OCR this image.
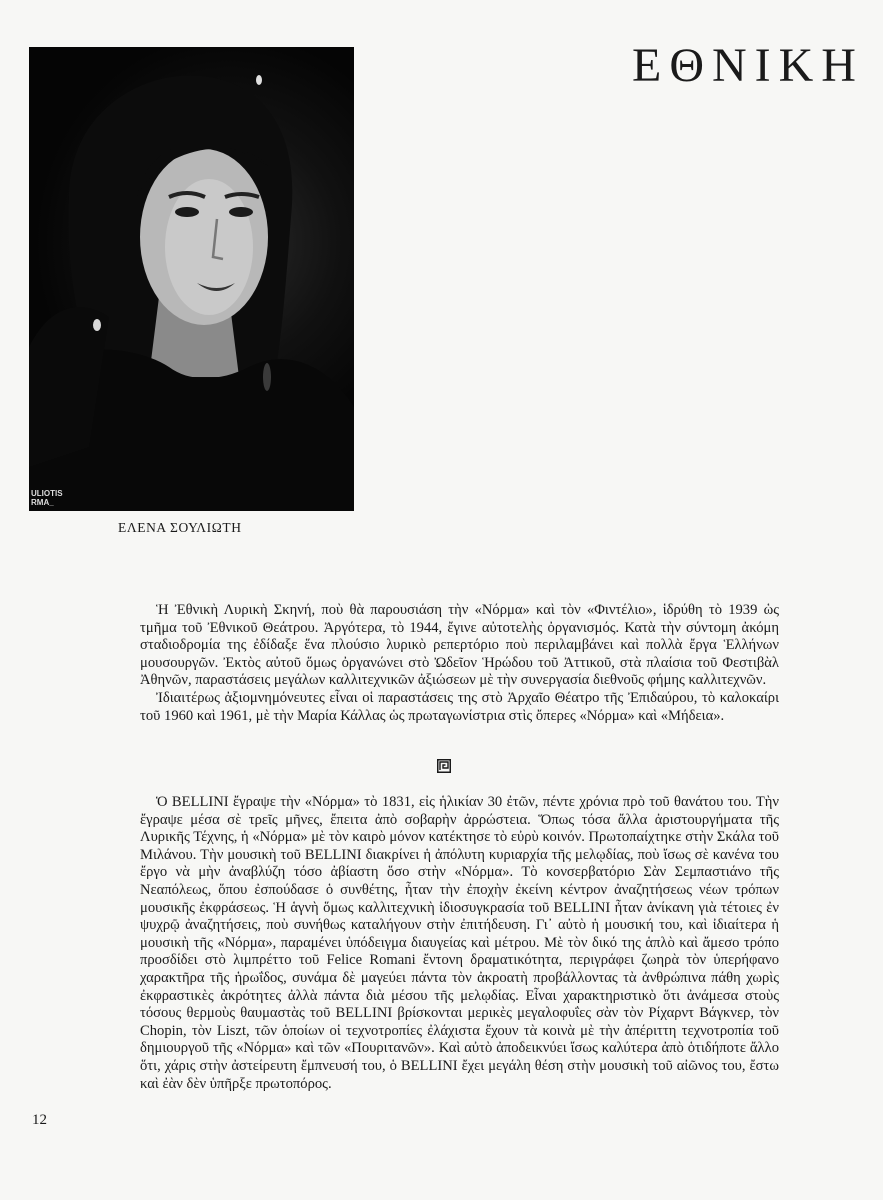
ULIOTIS
RMA_
ΕΛΕΝΑ ΣΟΥΛΙΩΤΗ
ΕΘΝΙΚΗ

Ἡ Ἐθνικὴ Λυρικὴ Σκηνή, ποὺ θὰ παρουσιάση τὴν «Νόρμα» καὶ τὸν «Φιντέλιο», ἱδρύθη τὸ 1939 ὡς τμῆμα τοῦ Ἐθνικοῦ Θεάτρου. Ἀργότερα, τὸ 1944, ἔγινε αὐτοτελὴς ὀργανισμός. Κατὰ τὴν σύντομη ἀκόμη σταδιοδρομία της ἐδίδαξε ἕνα πλούσιο λυρικὸ ρεπερτόριο ποὺ περιλαμβάνει καὶ πολλὰ ἔργα Ἑλλήνων μουσουργῶν. Ἐκτὸς αὐτοῦ ὅμως ὀργανώνει στὸ Ὠδεῖον Ἡρώδου τοῦ Ἀττικοῦ, στὰ πλαίσια τοῦ Φεστιβὰλ Ἀθηνῶν, παραστάσεις μεγάλων καλλιτεχνικῶν ἀξιώσεων μὲ τὴν συνεργασία διεθνοῦς φήμης καλλιτεχνῶν.

Ἰδιαιτέρως ἀξιομνημόνευτες εἶναι οἱ παραστάσεις της στὸ Ἀρχαῖο Θέατρο τῆς Ἐπιδαύρου, τὸ καλοκαίρι τοῦ 1960 καὶ 1961, μὲ τὴν Μαρία Κάλλας ὡς πρωταγωνίστρια στὶς ὄπερες «Νόρμα» καὶ «Μήδεια».

Ὁ BELLINI ἔγραψε τὴν «Νόρμα» τὸ 1831, εἰς ἡλικίαν 30 ἐτῶν, πέντε χρόνια πρὸ τοῦ θανάτου του. Τὴν ἔγραψε μέσα σὲ τρεῖς μῆνες, ἔπειτα ἀπὸ σοβαρὴν ἀρρώστεια. Ὅπως τόσα ἄλλα ἀριστουργήματα τῆς Λυρικῆς Τέχνης, ἡ «Νόρμα» μὲ τὸν καιρὸ μόνον κατέκτησε τὸ εὐρὺ κοινόν. Πρωτοπαίχτηκε στὴν Σκάλα τοῦ Μιλάνου. Τὴν μουσικὴ τοῦ BELLINI διακρίνει ἡ ἀπόλυτη κυριαρχία τῆς μελῳδίας, ποὺ ἴσως σὲ κανένα του ἔργο νὰ μὴν ἀναβλύζη τόσο ἀβίαστη ὅσο στὴν «Νόρμα». Τὸ κονσερβατόριο Σὰν Σεμπαστιάνο τῆς Νεαπόλεως, ὅπου ἐσπούδασε ὁ συνθέτης, ἦταν τὴν ἐποχὴν ἐκείνη κέντρον ἀναζητήσεως νέων τρόπων μουσικῆς ἐκφράσεως. Ἡ ἁγνὴ ὅμως καλλιτεχνικὴ ἰδιοσυγκρασία τοῦ BELLINI ἦταν ἀνίκανη γιὰ τέτοιες ἐν ψυχρῷ ἀναζητήσεις, ποὺ συνήθως καταλήγουν στὴν ἐπιτήδευση. Γι᾽ αὐτὸ ἡ μουσική του, καὶ ἰδιαίτερα ἡ μουσικὴ τῆς «Νόρμα», παραμένει ὑπόδειγμα διαυγείας καὶ μέτρου. Μὲ τὸν δικό της ἁπλὸ καὶ ἄμεσο τρόπο προσδίδει στὸ λιμπρέττο τοῦ Felice Romani ἔντονη δραματικότητα, περιγράφει ζωηρὰ τὸν ὑπερήφανο χαρακτῆρα τῆς ἡρωΐδος, συνάμα δὲ μαγεύει πάντα τὸν ἀκροατὴ προβάλλοντας τὰ ἀνθρώπινα πάθη χωρὶς ἐκφραστικὲς ἀκρότητες ἀλλὰ πάντα διὰ μέσου τῆς μελῳδίας. Εἶναι χαρακτηριστικὸ ὅτι ἀνάμεσα στοὺς τόσους θερμοὺς θαυμαστὰς τοῦ BELLINI βρίσκονται μερικὲς μεγαλοφυΐες σὰν τὸν Ρίχαρντ Βάγκνερ, τὸν Chopin, τὸν Liszt, τῶν ὁποίων οἱ τεχνοτροπίες ἐλάχιστα ἔχουν τὰ κοινὰ μὲ τὴν ἀπέριττη τεχνοτροπία τοῦ δημιουργοῦ τῆς «Νόρμα» καὶ τῶν «Πουριτανῶν». Καὶ αὐτὸ ἀποδεικνύει ἴσως καλύτερα ἀπὸ ὁτιδήποτε ἄλλο ὅτι, χάρις στὴν ἀστείρευτη ἔμπνευσή του, ὁ BELLINI ἔχει μεγάλη θέση στὴν μουσικὴ τοῦ αἰῶνος του, ἔστω καὶ ἐὰν δὲν ὑπῆρξε πρωτοπόρος.

12
